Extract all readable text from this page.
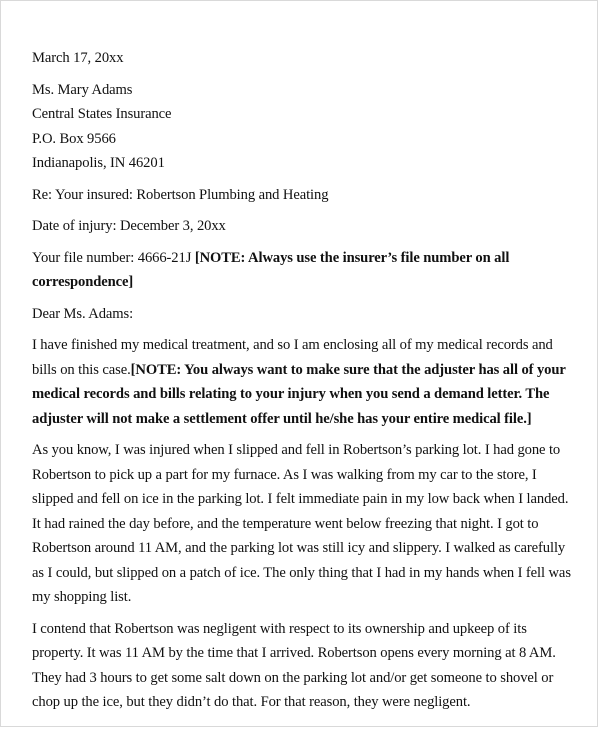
March 17, 20xx

Ms. Mary Adams

Central States Insurance

P.O. Box 9566

Indianapolis, IN 46201

Re: Your insured: Robertson Plumbing and Heating

Date of injury: December 3, 20xx

Your file number: 4666-21J [NOTE: Always use the insurer’s file number on all correspondence]

Dear Ms. Adams:

I have finished my medical treatment, and so I am enclosing all of my medical records and bills on this case.[NOTE: You always want to make sure that the adjuster has all of your medical records and bills relating to your injury when you send a demand letter. The adjuster will not make a settlement offer until he/she has your entire medical file.]

As you know, I was injured when I slipped and fell in Robertson’s parking lot. I had gone to Robertson to pick up a part for my furnace. As I was walking from my car to the store, I slipped and fell on ice in the parking lot. I felt immediate pain in my low back when I landed. It had rained the day before, and the temperature went below freezing that night. I got to Robertson around 11 AM, and the parking lot was still icy and slippery. I walked as carefully as I could, but slipped on a patch of ice. The only thing that I had in my hands when I fell was my shopping list.

I contend that Robertson was negligent with respect to its ownership and upkeep of its property. It was 11 AM by the time that I arrived. Robertson opens every morning at 8 AM. They had 3 hours to get some salt down on the parking lot and/or get someone to shovel or chop up the ice, but they didn’t do that. For that reason, they were negligent.
